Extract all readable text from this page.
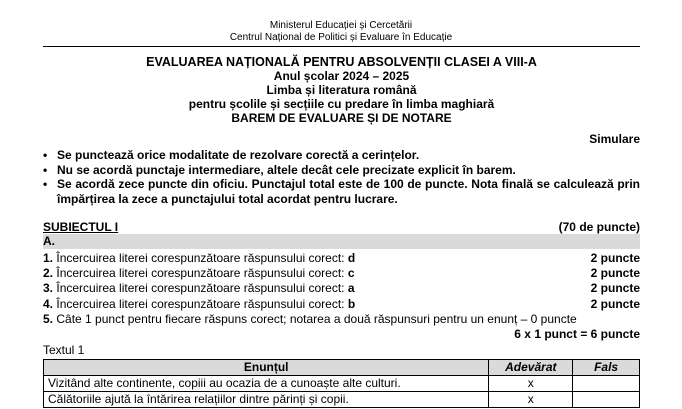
Ministerul Educației și Cercetării
Centrul Național de Politici și Evaluare în Educație
EVALUAREA NAȚIONALĂ PENTRU ABSOLVENȚII CLASEI A VIII-A
Anul școlar 2024 – 2025
Limba și literatura română
pentru școlile și secțiile cu predare în limba maghiară
BAREM DE EVALUARE ȘI DE NOTARE
Simulare
• Se punctează orice modalitate de rezolvare corectă a cerințelor.
• Nu se acordă punctaje intermediare, altele decât cele precizate explicit în barem.
• Se acordă zece puncte din oficiu. Punctajul total este de 100 de puncte. Nota finală se calculează prin împărțirea la zece a punctajului total acordat pentru lucrare.
SUBIECTUL I	(70 de puncte)
A.
1. Încercuirea literei corespunzătoare răspunsului corect: d	2 puncte
2. Încercuirea literei corespunzătoare răspunsului corect: c	2 puncte
3. Încercuirea literei corespunzătoare răspunsului corect: a	2 puncte
4. Încercuirea literei corespunzătoare răspunsului corect: b	2 puncte
5. Câte 1 punct pentru fiecare răspuns corect; notarea a două răspunsuri pentru un enunț – 0 puncte
6 x 1 punct = 6 puncte
Textul 1
Enunțul	Adevărat	Fals
Vizitând alte continente, copiii au ocazia de a cunoaște alte culturi.	x	
Călătoriile ajută la întărirea relațiilor dintre părinți și copii.	x	
